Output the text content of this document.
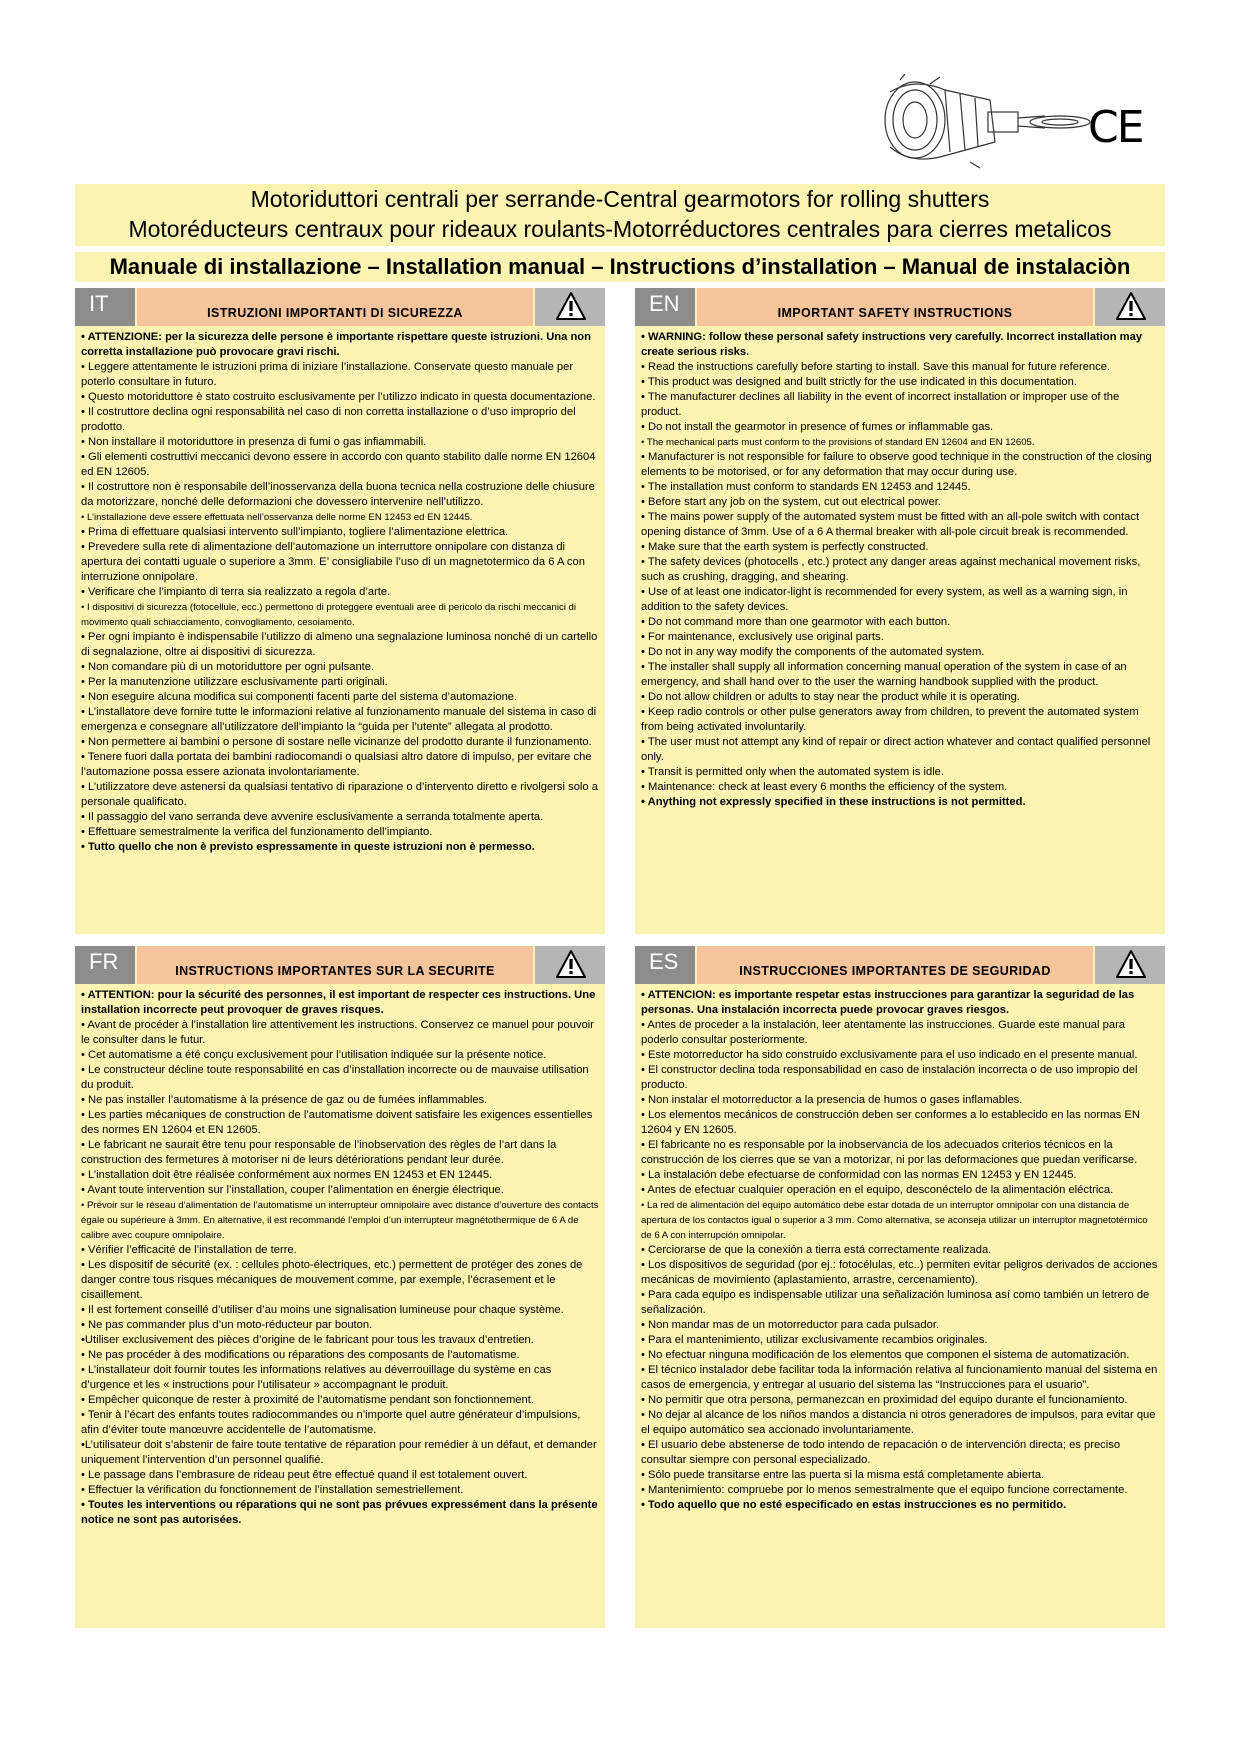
CE
Motoriduttori centrali per serrande-Central gearmotors for rolling shutters
Motoréducteurs centraux pour rideaux roulants-Motorréductores centrales para cierres metalicos
Manuale di installazione – Installation manual – Instructions d’installation – Manual de instalaciòn
IT	ISTRUZIONI IMPORTANTI DI SICUREZZA

• ATTENZIONE: per la sicurezza delle persone è importante rispettare queste istruzioni. Una non corretta installazione può provocare gravi rischi.

• Leggere attentamente le istruzioni prima di iniziare l’installazione. Conservate questo manuale per poterlo consultare in futuro.

• Questo motoriduttore è stato costruito esclusivamente per l’utilizzo indicato in questa documentazione.

• Il costruttore declina ogni responsabilità nel caso di non corretta installazione o d’uso improprio del prodotto.

• Non installare il motoriduttore in presenza di fumi o gas infiammabili.

• Gli elementi costruttivi meccanici devono essere in accordo con quanto stabilito dalle norme EN 12604 ed EN 12605.

• Il costruttore non è responsabile dell’inosservanza della buona tecnica nella costruzione delle chiusure da motorizzare, nonché delle deformazioni che dovessero intervenire nell’utilizzo.

• L’installazione deve essere effettuata nell’osservanza delle norme EN 12453 ed EN 12445.

• Prima di effettuare qualsiasi intervento sull’impianto, togliere l’alimentazione elettrica.

• Prevedere sulla rete di alimentazione dell’automazione un interruttore onnipolare con distanza di apertura dei contatti uguale o superiore a 3mm. E’ consigliabile l’uso di un magnetotermico da 6 A con interruzione onnipolare.

• Verificare che l’impianto di terra sia realizzato a regola d’arte.

• I dispositivi di sicurezza (fotocellule, ecc.) permettono di proteggere eventuali aree di pericolo da rischi meccanici di movimento quali schiacciamento, convogliamento, cesoiamento.

• Per ogni impianto è indispensabile l’utilizzo di almeno una segnalazione luminosa nonché di un cartello di segnalazione, oltre ai dispositivi di sicurezza.

• Non comandare più di un motoriduttore per ogni pulsante.

• Per la manutenzione utilizzare esclusivamente parti originali.

• Non eseguire alcuna modifica sui componenti facenti parte del sistema d’automazione.

• L’installatore deve fornire tutte le informazioni relative al funzionamento manuale del sistema in caso di emergenza e consegnare all’utilizzatore dell’impianto la “guida per l’utente” allegata al prodotto.

• Non permettere ai bambini o persone di sostare nelle vicinanze del prodotto durante il funzionamento.

• Tenere fuori dalla portata dei bambini radiocomandi o qualsiasi altro datore di impulso, per evitare che l’automazione possa essere azionata involontariamente.

• L’utilizzatore deve astenersi da qualsiasi tentativo di riparazione o d’intervento diretto e rivolgersi solo a personale qualificato.

• Il passaggio del vano serranda deve avvenire esclusivamente a serranda totalmente aperta.

• Effettuare semestralmente la verifica del funzionamento dell’impianto.

• Tutto quello che non è previsto espressamente in queste istruzioni non è permesso.

EN	IMPORTANT SAFETY INSTRUCTIONS

• WARNING: follow these personal safety instructions very carefully. Incorrect installation may create serious risks.

• Read the instructions carefully before starting to install. Save this manual for future reference.

• This product was designed and built strictly for the use indicated in this documentation.

• The manufacturer declines all liability in the event of incorrect installation or improper use of the product.

• Do not install the gearmotor in presence of fumes or inflammable gas.

• The mechanical parts must conform to the provisions of standard EN 12604 and EN 12605.

• Manufacturer is not responsible for failure to observe good technique in the construction of the closing elements to be motorised, or for any deformation that may occur during use.

• The installation must conform to standards EN 12453 and 12445.

• Before start any job on the system, cut out electrical power.

• The mains power supply of the automated system must be fitted with an all-pole switch with contact opening distance of 3mm. Use of a 6 A thermal breaker with all-pole circuit break is recommended.

• Make sure that the earth system is perfectly constructed.

• The safety devices (photocells , etc.) protect any danger areas against mechanical movement risks, such as crushing, dragging, and shearing.

• Use of at least one indicator-light is recommended for every system, as well as a warning sign, in addition to the safety devices.

• Do not command more than one gearmotor with each button.

• For maintenance, exclusively use original parts.

• Do not in any way modify the components of the automated system.

• The installer shall supply all information concerning manual operation of the system in case of an emergency, and shall hand over to the user the warning handbook supplied with the product.

• Do not allow children or adults to stay near the product while it is operating.

• Keep radio controls or other pulse generators away from children, to prevent the automated system from being activated involuntarily.

• The user must not attempt any kind of repair or direct action whatever and contact qualified personnel only.

• Transit is permitted only when the automated system is idle.

• Maintenance: check at least every 6 months the efficiency of the system.

• Anything not expressly specified in these instructions is not permitted.

FR	INSTRUCTIONS IMPORTANTES SUR LA SECURITE

• ATTENTION: pour la sécurité des personnes, il est important de respecter ces instructions. Une installation incorrecte peut provoquer de graves risques.

• Avant de procéder à l’installation lire attentivement les instructions. Conservez ce manuel pour pouvoir le consulter dans le futur.

• Cet automatisme a été conçu exclusivement pour l’utilisation indiquée sur la présente notice.

• Le constructeur décline toute responsabilité en cas d’installation incorrecte ou de mauvaise utilisation du produit.

• Ne pas installer l’automatisme à la présence de gaz ou de fumées inflammables.

• Les parties mécaniques de construction de l’automatisme doivent satisfaire les exigences essentielles des normes EN 12604 et EN 12605.

• Le fabricant ne saurait être tenu pour responsable de l’inobservation des règles de l’art dans la construction des fermetures à motoriser ni de leurs détériorations pendant leur durée.

• L’installation doit être réalisée conformément aux normes EN 12453 et EN 12445.

• Avant toute intervention sur l’installation, couper l’alimentation en énergie électrique.

• Prévoir sur le réseau d’alimentation de l’automatisme un interrupteur omnipolaire avec distance d’ouverture des contacts égale ou supérieure à 3mm. En alternative, il est recommandé l’emploi d’un interrupteur magnétothermique de 6 A de calibre avec coupure omnipolaire.

• Vérifier l’efficacité de l’installation de terre.

• Les dispositif de sécurité (ex. : cellules photo-électriques, etc.) permettent de protéger des zones de danger contre tous risques mécaniques de mouvement comme, par exemple, l’écrasement et le cisaillement.

• Il est fortement conseillé d’utiliser d’au moins une signalisation lumineuse pour chaque système.

• Ne pas commander plus d’un moto-réducteur par bouton.

•Utiliser exclusivement des pièces d’origine de le fabricant pour tous les travaux d’entretien.

• Ne pas procéder à des modifications ou réparations des composants de l’automatisme.

• L’installateur doit fournir toutes les informations relatives au déverrouillage du système en cas d’urgence et les « instructions pour l’utilisateur » accompagnant le produit.

• Empêcher quiconque de rester à proximité de l’automatisme pendant son fonctionnement.

• Tenir à l’écart des enfants toutes radiocommandes ou n’importe quel autre générateur d’impulsions, afin d’éviter toute manœuvre accidentelle de l’automatisme.

•L’utilisateur doit s’abstenir de faire toute tentative de réparation pour remédier à un défaut, et demander uniquement l’intervention d’un personnel qualifié.

• Le passage dans l’embrasure de rideau peut être effectué quand il est totalement ouvert.

• Effectuer la vérification du fonctionnement de l’installation semestriellement.

• Toutes les interventions ou réparations qui ne sont pas prévues expressément dans la présente notice ne sont pas autorisées.

ES	INSTRUCCIONES IMPORTANTES DE SEGURIDAD

• ATTENCION: es importante respetar estas instrucciones para garantizar la seguridad de las personas. Una instalación incorrecta puede provocar graves riesgos.

• Antes de proceder a la instalación, leer atentamente las instrucciones. Guarde este manual para poderlo consultar posteriormente.

• Este motorreductor ha sido construido exclusivamente para el uso indicado en el presente manual.

• El constructor declina toda responsabilidad en caso de instalación incorrecta o de uso impropio del producto.

• Non instalar el motorreductor a la presencia de humos o gases inflamables.

• Los elementos mecánicos de construcción deben ser conformes a lo establecido en las normas EN 12604 y EN 12605.

• El fabricante no es responsable por la inobservancia de los adecuados criterios técnicos en la construcción de los cierres que se van a motorizar, ni por las deformaciones que puedan verificarse.

• La instalación debe efectuarse de conformidad con las normas EN 12453 y EN 12445.

• Antes de efectuar cualquier operación en el equipo, desconéctelo de la alimentación eléctrica.

• La red de alimentación del equipo automático debe estar dotada de un interruptor omnipolar con una distancia de apertura de los contactos igual o superior a 3 mm. Como alternativa, se aconseja utilizar un interruptor magnetotérmico de 6 A con interrupción omnipolar.

• Cerciorarse de que la conexión a tierra está correctamente realizada.

• Los dispositivos de seguridad (por ej.: fotocélulas, etc..) permiten evitar peligros derivados de acciones mecánicas de movimiento (aplastamiento, arrastre, cercenamiento).

• Para cada equipo es indispensable utilizar una señalización luminosa así como también un letrero de señalización.

• Non mandar mas de un motorreductor para cada pulsador.

• Para el mantenimiento, utilizar exclusivamente recambios originales.

• No efectuar ninguna modificación de los elementos que componen el sistema de automatización.

• El técnico instalador debe facilitar toda la información relativa al funcionamiento manual del sistema en casos de emergencia, y entregar al usuario del sistema las “Instrucciones para el usuario”.

• No permitir que otra persona, permanezcan en proximidad del equipo durante el funcionamiento.

• No dejar al alcance de los niños mandos a distancia ni otros generadores de impulsos, para evitar que el equipo automático sea accionado involuntariamente.

• El usuario debe abstenerse de todo intendo de repacación o de intervención directa; es preciso consultar siempre con personal especializado.

• Sólo puede transitarse entre las puerta si la misma está completamente abierta.

• Mantenimiento: compruebe por lo menos semestralmente que el equipo funcione correctamente.

• Todo aquello que no esté especificado en estas instrucciones es no permitido.
